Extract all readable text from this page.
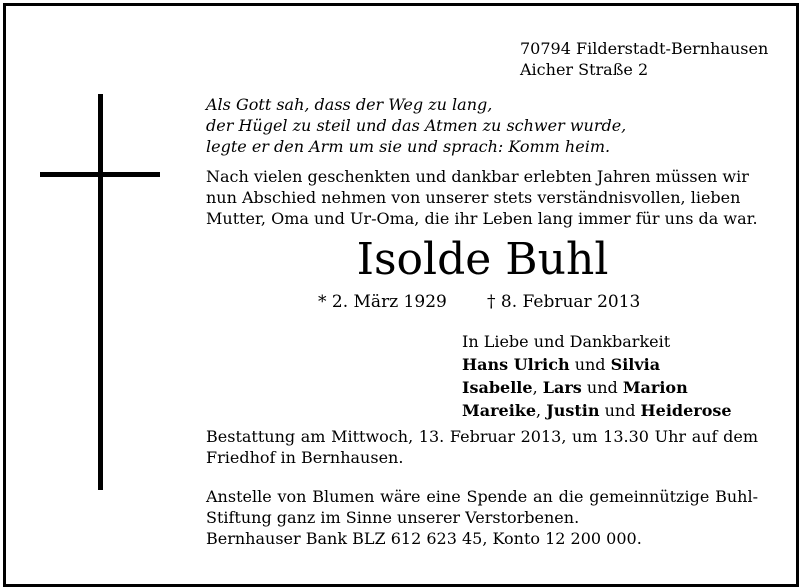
70794 Filderstadt-Bernhausen
Aicher Straße 2
Als Gott sah, dass der Weg zu lang,
der Hügel zu steil und das Atmen zu schwer wurde,
legte er den Arm um sie und sprach: Komm heim.
Nach vielen geschenkten und dankbar erlebten Jahren müssen wir
nun Abschied nehmen von unserer stets verständnisvollen, lieben
Mutter, Oma und Ur-Oma, die ihr Leben lang immer für uns da war.
Isolde Buhl
* 2. März 1929 † 8. Februar 2013
In Liebe und Dankbarkeit
Hans Ulrich und Silvia
Isabelle, Lars und Marion
Mareike, Justin und Heiderose
Bestattung am Mittwoch, 13. Februar 2013, um 13.30 Uhr auf dem
Friedhof in Bernhausen.
Anstelle von Blumen wäre eine Spende an die gemeinnützige Buhl-
Stiftung ganz im Sinne unserer Verstorbenen.
Bernhauser Bank BLZ 612 623 45, Konto 12 200 000.
